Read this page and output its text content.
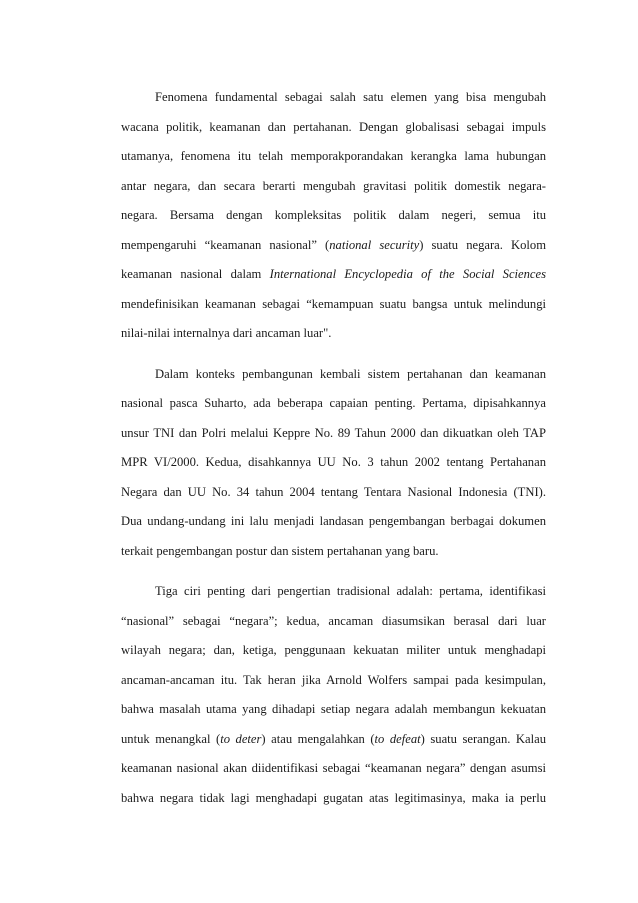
Fenomena fundamental sebagai salah satu elemen yang bisa mengubah
wacana politik, keamanan dan pertahanan. Dengan globalisasi sebagai impuls
utamanya, fenomena itu telah memporakporandakan kerangka lama hubungan
antar negara, dan secara berarti mengubah gravitasi politik domestik negara-
negara. Bersama dengan kompleksitas politik dalam negeri, semua itu
mempengaruhi “keamanan nasional” (national security) suatu negara. Kolom
keamanan nasional dalam International Encyclopedia of the Social Sciences
mendefinisikan keamanan sebagai “kemampuan suatu bangsa untuk melindungi
nilai-nilai internalnya dari ancaman luar".
Dalam konteks pembangunan kembali sistem pertahanan dan keamanan
nasional pasca Suharto, ada beberapa capaian penting. Pertama, dipisahkannya
unsur TNI dan Polri melalui Keppre No. 89 Tahun 2000 dan dikuatkan oleh TAP
MPR VI/2000. Kedua, disahkannya UU No. 3 tahun 2002 tentang Pertahanan
Negara dan UU No. 34 tahun 2004 tentang Tentara Nasional Indonesia (TNI).
Dua undang-undang ini lalu menjadi landasan pengembangan berbagai dokumen
terkait pengembangan postur dan sistem pertahanan yang baru.
Tiga ciri penting dari pengertian tradisional adalah: pertama, identifikasi
“nasional” sebagai “negara”; kedua, ancaman diasumsikan berasal dari luar
wilayah negara; dan, ketiga, penggunaan kekuatan militer untuk menghadapi
ancaman-ancaman itu. Tak heran jika Arnold Wolfers sampai pada kesimpulan,
bahwa masalah utama yang dihadapi setiap negara adalah membangun kekuatan
untuk menangkal (to deter) atau mengalahkan (to defeat) suatu serangan. Kalau
keamanan nasional akan diidentifikasi sebagai “keamanan negara” dengan asumsi
bahwa negara tidak lagi menghadapi gugatan atas legitimasinya, maka ia perlu
